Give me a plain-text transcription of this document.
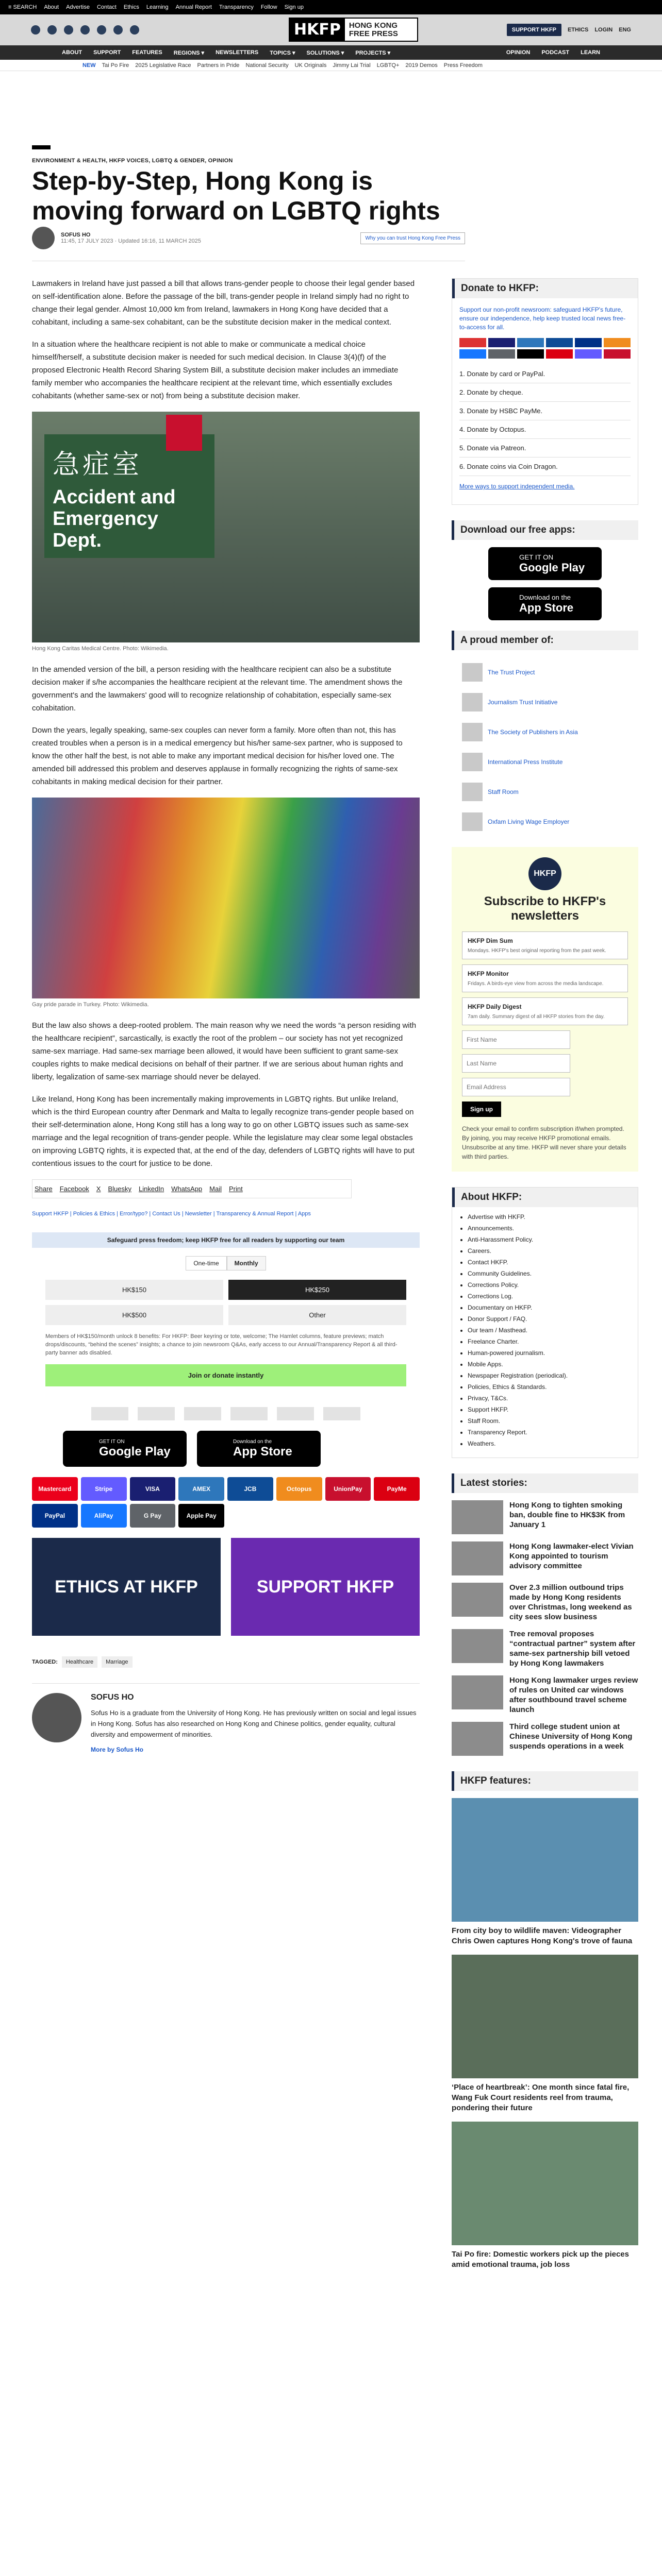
≡ SEARCH About Advertise Contact Ethics Learning Annual Report Transparency Follow Sign up
HKFP	HONG KONG FREE PRESS	SUPPORT HKFP	ETHICS LOGIN ENG
ABOUT SUPPORT FEATURES REGIONS ▾ NEWSLETTERS TOPICS ▾ SOLUTIONS ▾ PROJECTS ▾	OPINION PODCAST LEARN
NEW Tai Po Fire 2025 Legislative Race Partners in Pride National Security UK Originals Jimmy Lai Trial LGBTQ+ 2019 Demos Press Freedom
ENVIRONMENT & HEALTH, HKFP VOICES, LGBTQ & GENDER, OPINION
Step-by-Step, Hong Kong is moving forward on LGBTQ rights
SOFUS HO
11:45, 17 JULY 2023 · Updated 16:16, 11 MARCH 2025	Why you can trust Hong Kong Free Press

Lawmakers in Ireland have just passed a bill that allows trans-gender people to choose their legal gender based on self-identification alone. Before the passage of the bill, trans-gender people in Ireland simply had no right to change their legal gender. Almost 10,000 km from Ireland, lawmakers in Hong Kong have decided that a cohabitant, including a same-sex cohabitant, can be the substitute decision maker in the medical context.

In a situation where the healthcare recipient is not able to make or communicate a medical choice himself/herself, a substitute decision maker is needed for such medical decision. In Clause 3(4)(f) of the proposed Electronic Health Record Sharing System Bill, a substitute decision maker includes an immediate family member who accompanies the healthcare recipient at the relevant time, which essentially excludes cohabitants (whether same-sex or not) from being a substitute decision maker.

急症室
Accident and Emergency Dept.
Hong Kong Caritas Medical Centre. Photo: Wikimedia.

In the amended version of the bill, a person residing with the healthcare recipient can also be a substitute decision maker if s/he accompanies the healthcare recipient at the relevant time. The amendment shows the government's and the lawmakers' good will to recognize relationship of cohabitation, especially same-sex cohabitation.

Down the years, legally speaking, same-sex couples can never form a family. More often than not, this has created troubles when a person is in a medical emergency but his/her same-sex partner, who is supposed to know the other half the best, is not able to make any important medical decision for his/her loved one. The amended bill addressed this problem and deserves applause in formally recognizing the rights of same-sex cohabitants in making medical decision for their partner.

Gay pride parade in Turkey. Photo: Wikimedia.

But the law also shows a deep-rooted problem. The main reason why we need the words “a person residing with the healthcare recipient”, sarcastically, is exactly the root of the problem – our society has not yet recognized same-sex marriage. Had same-sex marriage been allowed, it would have been sufficient to grant same-sex couples rights to make medical decisions on behalf of their partner. If we are serious about human rights and liberty, legalization of same-sex marriage should never be delayed.

Like Ireland, Hong Kong has been incrementally making improvements in LGBTQ rights. But unlike Ireland, which is the third European country after Denmark and Malta to legally recognize trans-gender people based on their self-determination alone, Hong Kong still has a long way to go on other LGBTQ issues such as same-sex marriage and the legal recognition of trans-gender people. While the legislature may clear some legal obstacles on improving LGBTQ rights, it is expected that, at the end of the day, defenders of LGBTQ rights will have to put contentious issues to the court for justice to be done.

Share Facebook X Bluesky LinkedIn WhatsApp Mail Print
Support HKFP | Policies & Ethics | Error/typo? | Contact Us | Newsletter | Transparency & Annual Report | Apps
Safeguard press freedom; keep HKFP free for all readers by supporting our team
One-time	Monthly
HK$150	HK$250
HK$500	Other
Members of HK$150/month unlock 8 benefits: For HKFP: Beer keyring or tote, welcome; The Hamlet columns, feature previews; match drops/discounts, “behind the scenes” insights; a chance to join newsroom Q&As, early access to our Annual/Transparency Report & all third-party banner ads disabled.
Join or donate instantly
GET IT ON
Google Play
Download on the
App Store
Mastercard	Stripe	VISA	AMEX	JCB	Octopus	UnionPay	PayMe
PayPal	AliPay	G Pay	Apple Pay
ETHICS AT HKFP	SUPPORT HKFP
TAGGED:	Healthcare	Marriage
SOFUS HO

Sofus Ho is a graduate from the University of Hong Kong. He has previously written on social and legal issues in Hong Kong. Sofus has also researched on Hong Kong and Chinese politics, gender equality, cultural diversity and empowerment of minorities.

More by Sofus Ho
Donate to HKFP:
Support our non-profit newsroom: safeguard HKFP's future, ensure our independence, help keep trusted local news free-to-access for all.
1. Donate by card or PayPal.
2. Donate by cheque.
3. Donate by HSBC PayMe.
4. Donate by Octopus.
5. Donate via Patreon.
6. Donate coins via Coin Dragon.
More ways to support independent media.
Download our free apps:
GET IT ON
Google Play
Download on the
App Store
A proud member of:
The Trust Project
Journalism Trust Initiative
The Society of Publishers in Asia
International Press Institute
Staff Room
Oxfam Living Wage Employer
HKFP
Subscribe to HKFP's newsletters
HKFP Dim Sum
Mondays. HKFP's best original reporting from the past week.
HKFP Monitor
Fridays. A birds-eye view from across the media landscape.
HKFP Daily Digest
7am daily. Summary digest of all HKFP stories from the day.
First Name Last Name Email Address
Sign up

Check your email to confirm subscription if/when prompted. By joining, you may receive HKFP promotional emails. Unsubscribe at any time. HKFP will never share your details with third parties.

About HKFP:
• Advertise with HKFP.
• Announcements.
• Anti-Harassment Policy.
• Careers.
• Contact HKFP.
• Community Guidelines.
• Corrections Policy.
• Corrections Log.
• Documentary on HKFP.
• Donor Support / FAQ.
• Our team / Masthead.
• Freelance Charter.
• Human-powered journalism.
• Mobile Apps.
• Newspaper Registration (periodical).
• Policies, Ethics & Standards.
• Privacy, T&Cs.
• Support HKFP.
• Staff Room.
• Transparency Report.
• Weathers.
Latest stories:
Hong Kong to tighten smoking ban, double fine to HK$3K from January 1
Hong Kong lawmaker-elect Vivian Kong appointed to tourism advisory committee
Over 2.3 million outbound trips made by Hong Kong residents over Christmas, long weekend as city sees slow business
Tree removal proposes “contractual partner” system after same-sex partnership bill vetoed by Hong Kong lawmakers
Hong Kong lawmaker urges review of rules on United car windows after southbound travel scheme launch
Third college student union at Chinese University of Hong Kong suspends operations in a week
HKFP features:
From city boy to wildlife maven: Videographer Chris Owen captures Hong Kong's trove of fauna
‘Place of heartbreak’: One month since fatal fire, Wang Fuk Court residents reel from trauma, pondering their future
Tai Po fire: Domestic workers pick up the pieces amid emotional trauma, job loss
